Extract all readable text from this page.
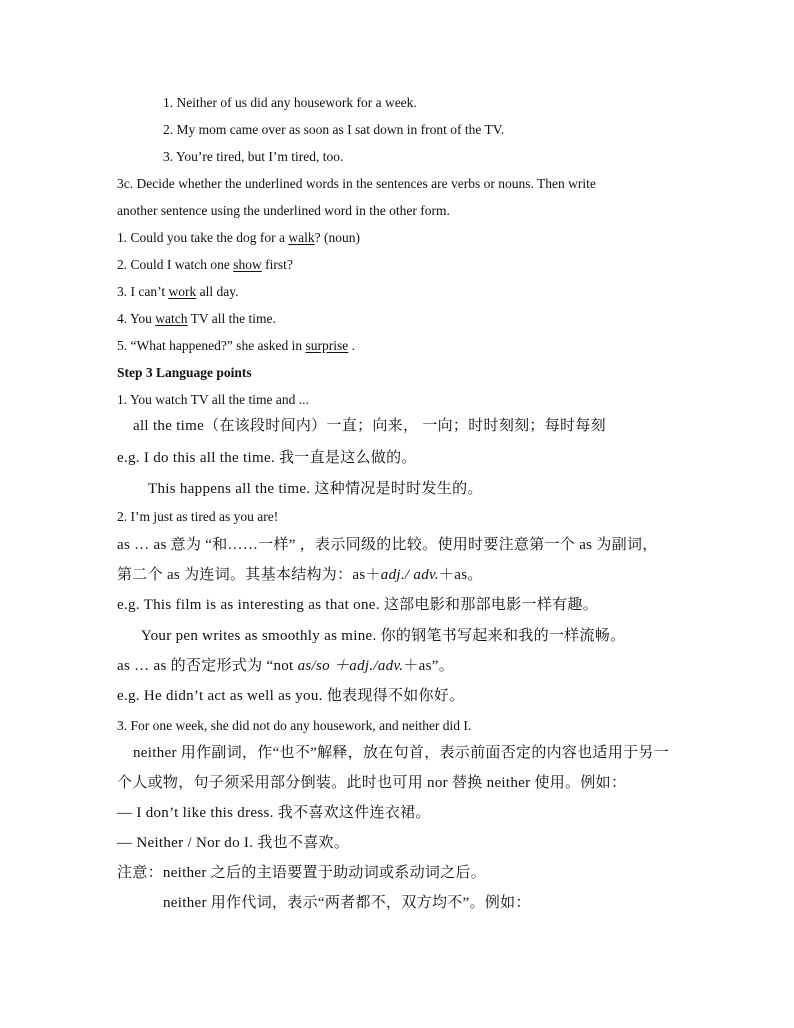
1. Neither of us did any housework for a week.
2. My mom came over as soon as I sat down in front of the TV.
3. You’re tired, but I’m tired, too.
3c. Decide whether the underlined words in the sentences are verbs or nouns. Then write
another sentence using the underlined word in the other form.
1. Could you take the dog for a walk? (noun)
2. Could I watch one show first?
3. I can’t work all day.
4. You watch TV all the time.
5. “What happened?” she asked in surprise .
Step 3 Language points
1. You watch TV all the time and ...
all the time（在该段时间内）一直；向来， 一向；时时刻刻；每时每刻
e.g. I do this all the time. 我一直是这么做的。
This happens all the time. 这种情况是时时发生的。
2. I’m just as tired as you are!
as … as 意为 “和……一样” ，表示同级的比较。使用时要注意第一个 as 为副词，
第二个 as 为连词。其基本结构为：as＋adj./ adv.＋as。
e.g. This film is as interesting as that one. 这部电影和那部电影一样有趣。
Your pen writes as smoothly as mine. 你的钢笔书写起来和我的一样流畅。
as … as 的否定形式为 “not as/so ＋adj./adv.＋as”。
e.g. He didn’t act as well as you. 他表现得不如你好。
3. For one week, she did not do any housework, and neither did I.
neither 用作副词，作“也不”解释，放在句首，表示前面否定的内容也适用于另一
个人或物，句子须采用部分倒装。此时也可用 nor 替换 neither 使用。例如：
— I don’t like this dress. 我不喜欢这件连衣裙。
— Neither / Nor do I. 我也不喜欢。
注意：neither 之后的主语要置于助动词或系动词之后。
neither 用作代词，表示“两者都不，双方均不”。例如：
